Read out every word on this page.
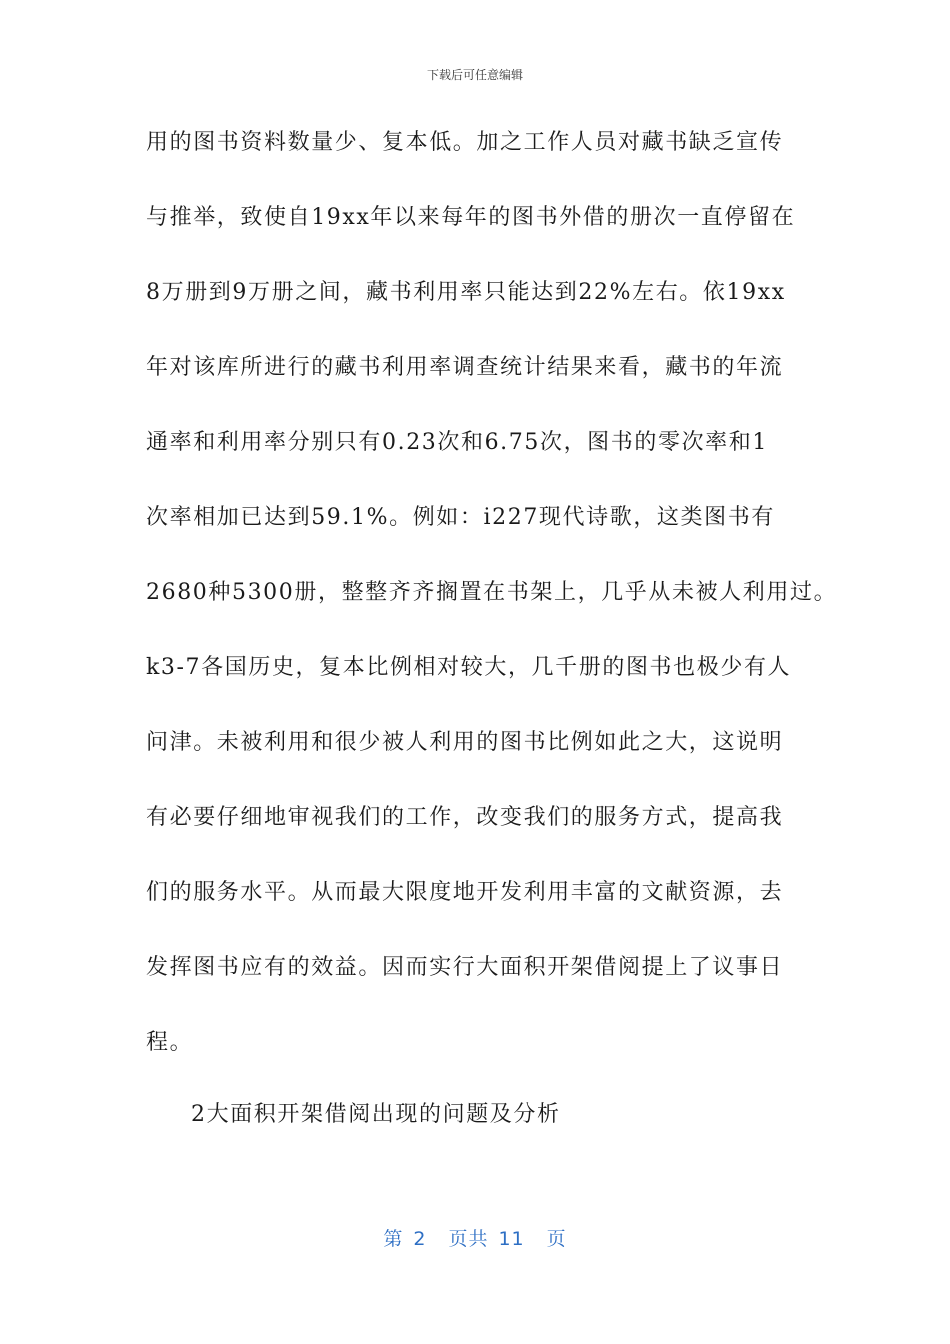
下载后可任意编辑
用的图书资料数量少、复本低。加之工作人员对藏书缺乏宣传
与推举，致使自19xx年以来每年的图书外借的册次一直停留在
8万册到9万册之间，藏书利用率只能达到22%左右。依19xx
年对该库所进行的藏书利用率调查统计结果来看，藏书的年流
通率和利用率分别只有0.23次和6.75次，图书的零次率和1
次率相加已达到59.1%。例如：i227现代诗歌，这类图书有
2680种5300册，整整齐齐搁置在书架上，几乎从未被人利用过。
k3-7各国历史，复本比例相对较大，几千册的图书也极少有人
问津。未被利用和很少被人利用的图书比例如此之大，这说明
有必要仔细地审视我们的工作，改变我们的服务方式，提高我
们的服务水平。从而最大限度地开发利用丰富的文献资源，去
发挥图书应有的效益。因而实行大面积开架借阅提上了议事日
程。
2大面积开架借阅出现的问题及分析
第 2 页共 11 页
